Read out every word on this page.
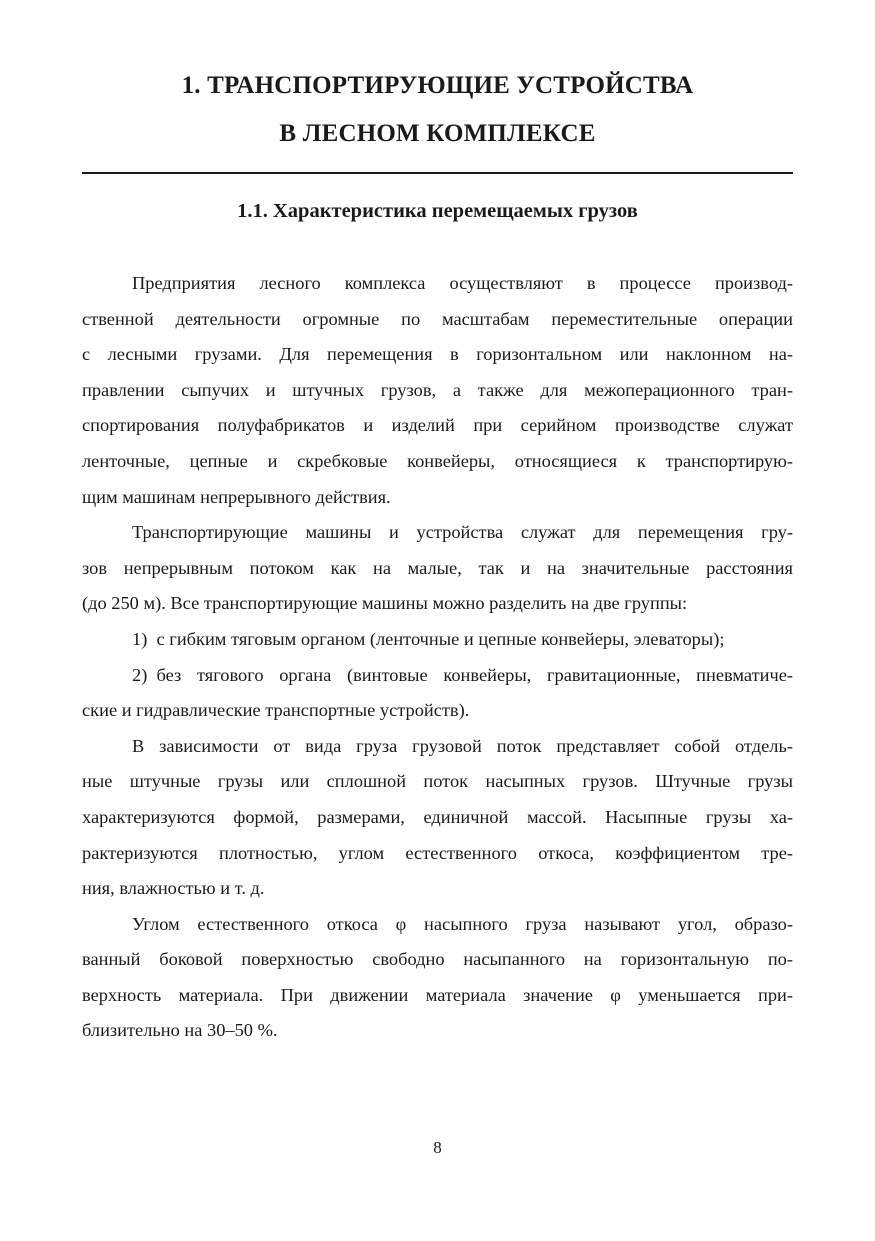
1. ТРАНСПОРТИРУЮЩИЕ УСТРОЙСТВА
В ЛЕСНОМ КОМПЛЕКСЕ
1.1. Характеристика перемещаемых грузов
Предприятия лесного комплекса осуществляют в процессе производ-
ственной деятельности огромные по масштабам переместительные операции
с лесными грузами. Для перемещения в горизонтальном или наклонном на-
правлении сыпучих и штучных грузов, а также для межоперационного тран-
спортирования полуфабрикатов и изделий при серийном производстве служат
ленточные, цепные и скребковые конвейеры, относящиеся к транспортирую-
щим машинам непрерывного действия.
Транспортирующие машины и устройства служат для перемещения гру-
зов непрерывным потоком как на малые, так и на значительные расстояния
(до 250 м). Все транспортирующие машины можно разделить на две группы:
1) с гибким тяговым органом (ленточные и цепные конвейеры, элеваторы);
2) без тягового органа (винтовые конвейеры, гравитационные, пневматиче-
ские и гидравлические транспортные устройств).
В зависимости от вида груза грузовой поток представляет собой отдель-
ные штучные грузы или сплошной поток насыпных грузов. Штучные грузы
характеризуются формой, размерами, единичной массой. Насыпные грузы ха-
рактеризуются плотностью, углом естественного откоса, коэффициентом тре-
ния, влажностью и т. д.
Углом естественного откоса φ насыпного груза называют угол, образо-
ванный боковой поверхностью свободно насыпанного на горизонтальную по-
верхность материала. При движении материала значение φ уменьшается при-
близительно на 30–50 %.
8
